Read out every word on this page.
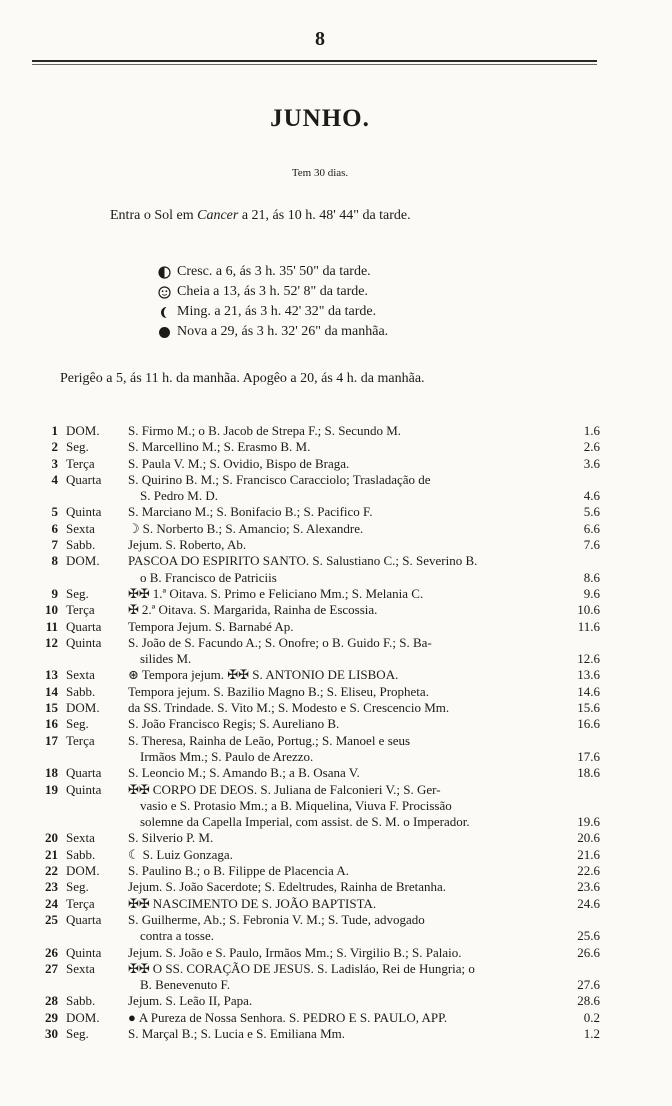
8
JUNHO.
Tem 30 dias.
Entra o Sol em Cancer a 21, ás 10 h. 48' 44" da tarde.
Cresc. a 6, ás 3 h. 35' 50" da tarde.
Cheia a 13, ás 3 h. 52' 8" da tarde.
Ming. a 21, ás 3 h. 42' 32" da tarde.
Nova a 29, ás 3 h. 32' 26" da manhãa.
Perigêo a 5, ás 11 h. da manhãa. Apogêo a 20, ás 4 h. da manhãa.
1	DOM.	S. Firmo M.; o B. Jacob de Strepa F.; S. Secundo M.	1.6
2	Seg.	S. Marcellino M.; S. Erasmo B. M.	2.6
3	Terça	S. Paula V. M.; S. Ovidio, Bispo de Braga.	3.6
4	Quarta	S. Quirino B. M.; S. Francisco Caracciolo; Trasladação de
S. Pedro M. D.	4.6
5	Quinta	S. Marciano M.; S. Bonifacio B.; S. Pacifico F.	5.6
6	Sexta	☽ S. Norberto B.; S. Amancio; S. Alexandre.	6.6
7	Sabb.	Jejum. S. Roberto, Ab.	7.6
8	DOM.	PASCOA DO ESPIRITO SANTO. S. Salustiano C.; S. Severino B.
o B. Francisco de Patriciis	8.6
9	Seg.	✠✠ 1.ª Oitava. S. Primo e Feliciano Mm.; S. Melania C.	9.6
10	Terça	✠ 2.ª Oitava. S. Margarida, Rainha de Escossia.	10.6
11	Quarta	Tempora Jejum. S. Barnabé Ap.	11.6
12	Quinta	S. João de S. Facundo A.; S. Onofre; o B. Guido F.; S. Ba-
silides M.	12.6
13	Sexta	⊛ Tempora jejum. ✠✠ S. ANTONIO DE LISBOA.	13.6
14	Sabb.	Tempora jejum. S. Bazilio Magno B.; S. Eliseu, Propheta.	14.6
15	DOM.	da SS. Trindade. S. Vito M.; S. Modesto e S. Crescencio Mm.	15.6
16	Seg.	S. João Francisco Regis; S. Aureliano B.	16.6
17	Terça	S. Theresa, Rainha de Leão, Portug.; S. Manoel e seus
Irmãos Mm.; S. Paulo de Arezzo.	17.6
18	Quarta	S. Leoncio M.; S. Amando B.; a B. Osana V.	18.6
19	Quinta	✠✠ CORPO DE DEOS. S. Juliana de Falconieri V.; S. Ger-
vasio e S. Protasio Mm.; a B. Miquelina, Viuva F. Procissão
solemne da Capella Imperial, com assist. de S. M. o Imperador.	19.6
20	Sexta	S. Silverio P. M.	20.6
21	Sabb.	☾ S. Luiz Gonzaga.	21.6
22	DOM.	S. Paulino B.; o B. Filippe de Placencia A.	22.6
23	Seg.	Jejum. S. João Sacerdote; S. Edeltrudes, Rainha de Bretanha.	23.6
24	Terça	✠✠ NASCIMENTO DE S. JOÃO BAPTISTA.	24.6
25	Quarta	S. Guilherme, Ab.; S. Febronia V. M.; S. Tude, advogado
contra a tosse.	25.6
26	Quinta	Jejum. S. João e S. Paulo, Irmãos Mm.; S. Virgilio B.; S. Palaio.	26.6
27	Sexta	✠✠ O SS. CORAÇÃO DE JESUS. S. Ladisláo, Rei de Hungria; o
B. Benevenuto F.	27.6
28	Sabb.	Jejum. S. Leão II, Papa.	28.6
29	DOM.	● A Pureza de Nossa Senhora. S. PEDRO E S. PAULO, APP.	0.2
30	Seg.	S. Marçal B.; S. Lucia e S. Emiliana Mm.	1.2
